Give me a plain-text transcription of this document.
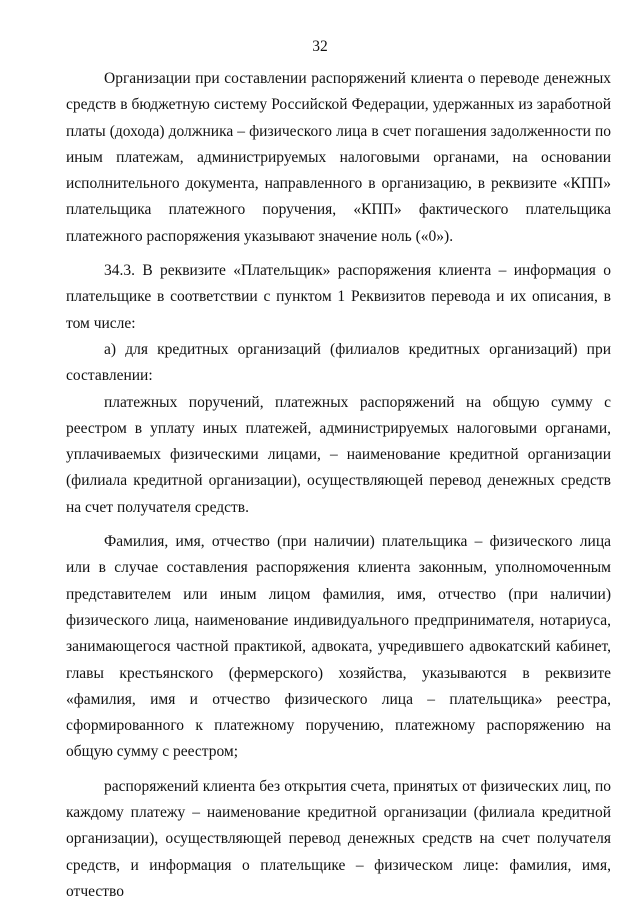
32

Организации при составлении распоряжений клиента о переводе денежных средств в бюджетную систему Российской Федерации, удержанных из заработной платы (дохода) должника – физического лица в счет погашения задолженности по иным платежам, администрируемых налоговыми органами, на основании исполнительного документа, направленного в организацию, в реквизите «КПП» плательщика платежного поручения, «КПП» фактического плательщика платежного распоряжения указывают значение ноль («0»).

34.3. В реквизите «Плательщик» распоряжения клиента – информация о плательщике в соответствии с пунктом 1 Реквизитов перевода и их описания, в том числе:

а) для кредитных организаций (филиалов кредитных организаций) при составлении:

платежных поручений, платежных распоряжений на общую сумму с реестром в уплату иных платежей, администрируемых налоговыми органами, уплачиваемых физическими лицами, – наименование кредитной организации (филиала кредитной организации), осуществляющей перевод денежных средств на счет получателя средств.

Фамилия, имя, отчество (при наличии) плательщика – физического лица или в случае составления распоряжения клиента законным, уполномоченным представителем или иным лицом фамилия, имя, отчество (при наличии) физического лица, наименование индивидуального предпринимателя, нотариуса, занимающегося частной практикой, адвоката, учредившего адвокатский кабинет, главы крестьянского (фермерского) хозяйства, указываются в реквизите «фамилия, имя и отчество физического лица – плательщика» реестра, сформированного к платежному поручению, платежному распоряжению на общую сумму с реестром;

распоряжений клиента без открытия счета, принятых от физических лиц, по каждому платежу – наименование кредитной организации (филиала кредитной организации), осуществляющей перевод денежных средств на счет получателя средств, и информация о плательщике – физическом лице: фамилия, имя, отчество
